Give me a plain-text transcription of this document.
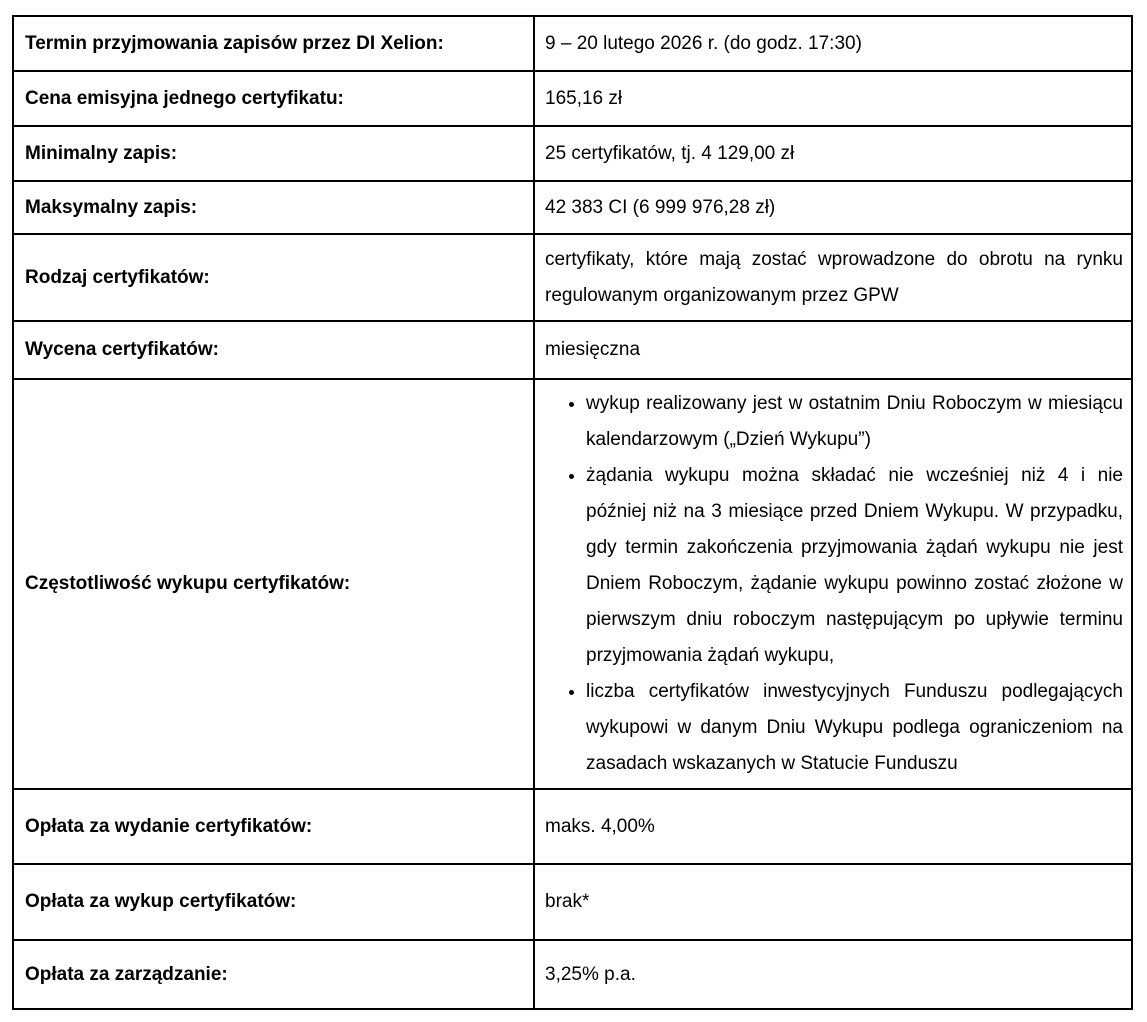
Termin przyjmowania zapisów przez DI Xelion:	9 – 20 lutego 2026 r. (do godz. 17:30)
Cena emisyjna jednego certyfikatu:	165,16 zł
Minimalny zapis:	25 certyfikatów, tj. 4 129,00 zł
Maksymalny zapis:	42 383 CI (6 999 976,28 zł)
Rodzaj certyfikatów:	certyfikaty, które mają zostać wprowadzone do obrotu na rynku regulowanym organizowanym przez GPW
Wycena certyfikatów:	miesięczna
Częstotliwość wykupu certyfikatów:	
• wykup realizowany jest w ostatnim Dniu Roboczym w miesiącu kalendarzowym („Dzień Wykupu”)
• żądania wykupu można składać nie wcześniej niż 4 i nie później niż na 3 miesiące przed Dniem Wykupu. W przypadku, gdy termin zakończenia przyjmowania żądań wykupu nie jest Dniem Roboczym, żądanie wykupu powinno zostać złożone w pierwszym dniu roboczym następującym po upływie terminu przyjmowania żądań wykupu,
• liczba certyfikatów inwestycyjnych Funduszu podlegających wykupowi w danym Dniu Wykupu podlega ograniczeniom na zasadach wskazanych w Statucie Funduszu

Opłata za wydanie certyfikatów:	maks. 4,00%
Opłata za wykup certyfikatów:	brak*
Opłata za zarządzanie:	3,25% p.a.
